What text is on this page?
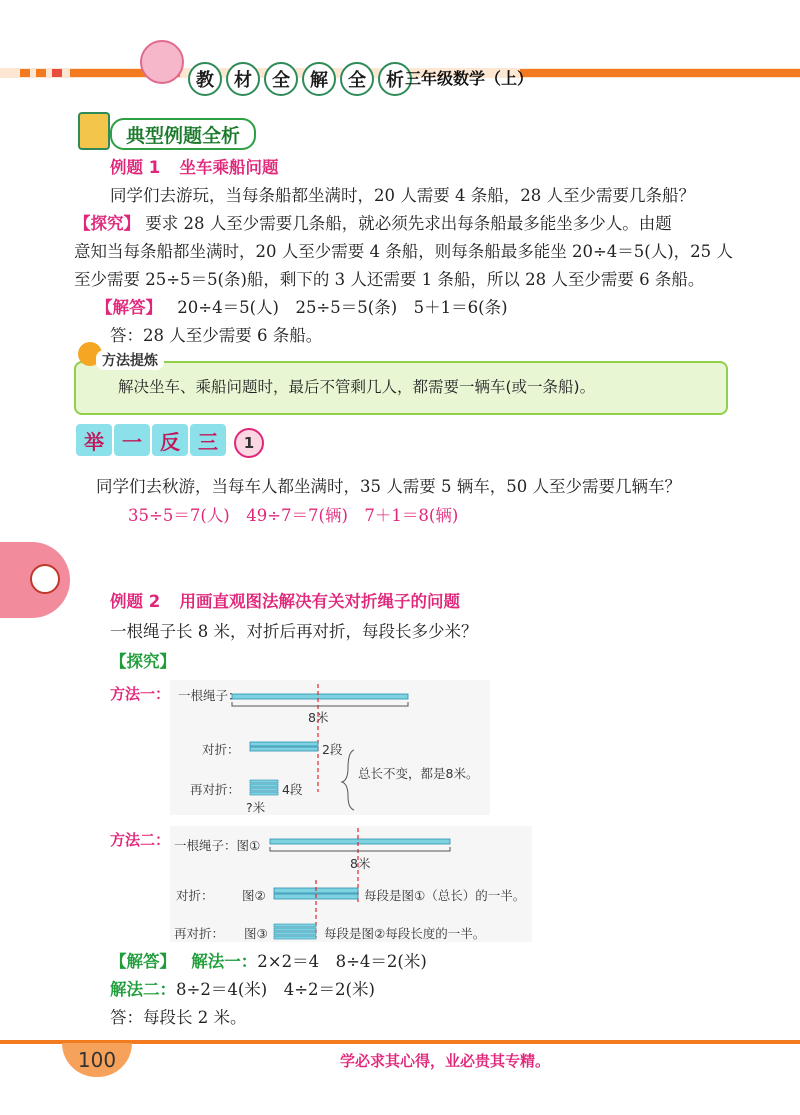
教	材	全	解	全	析 三年级数学（上）
典型例题全析
例题 1 坐车乘船问题
同学们去游玩，当每条船都坐满时，20 人需要 4 条船，28 人至少需要几条船？
【探究】 要求 28 人至少需要几条船，就必须先求出每条船最多能坐多少人。由题
意知当每条船都坐满时，20 人至少需要 4 条船，则每条船最多能坐 20÷4＝5(人)，25 人
至少需要 25÷5＝5(条)船，剩下的 3 人还需要 1 条船，所以 28 人至少需要 6 条船。
【解答】 20÷4＝5(人)　25÷5＝5(条)　5＋1＝6(条)
答：28 人至少需要 6 条船。
方法提炼
解决坐车、乘船问题时，最后不管剩几人，都需要一辆车(或一条船)。
举 一 反 三	1
同学们去秋游，当每车人都坐满时，35 人需要 5 辆车，50 人至少需要几辆车？
35÷5＝7(人)　49÷7＝7(辆)　7＋1＝8(辆)
例题 2 用画直观图法解决有关对折绳子的问题
一根绳子长 8 米，对折后再对折，每段长多少米？
【探究】
方法一： 一根绳子：
8米
对折：	2段
总长不变，都是8米。
再对折：	4段
?米
方法二： 一根绳子：图①
8米
对折： 图②	每段是图①（总长）的一半。
再对折： 图③	每段是图②每段长度的一半。
【解答】 解法一：2×2＝4　8÷4＝2(米)
解法二：8÷2＝4(米)　4÷2＝2(米)
答：每段长 2 米。
100	学必求其心得，业必贵其专精。
